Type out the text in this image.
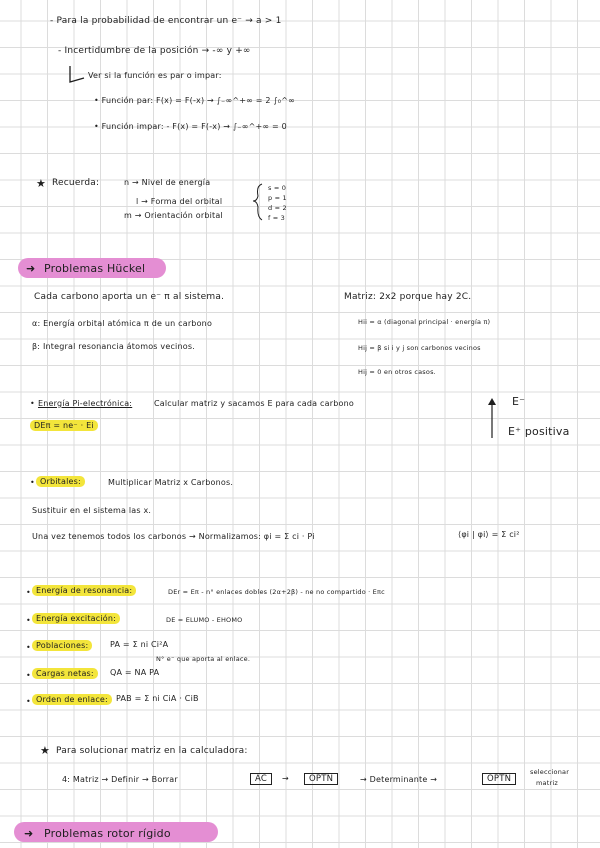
- Para la probabilidad de encontrar un e⁻ → a > 1
- Incertidumbre de la posición → -∞ y +∞
Ver si la función es par o impar:
• Función par: F(x) = F(-x) → ∫₋∞^+∞ = 2 ∫₀^∞
• Función impar: - F(x) = F(-x) → ∫₋∞^+∞ = 0
★ Recuerda:	n → Nivel de energía
l → Forma del orbital
m → Orientación orbital
s = 0
p = 1
d = 2
f = 3
➜ Problemas Hückel
Cada carbono aporta un e⁻ π al sistema.
α: Energía orbital atómica π de un carbono
β: Integral resonancia átomos vecinos.
Matriz: 2x2 porque hay 2C.
Hii = α (diagonal principal · energía π)
Hij = β si i y j son carbonos vecinos
Hij = 0 en otros casos.
• Energía Pi-electrónica:	Calcular matriz y sacamos E para cada carbono
DEπ = ne⁻ · Ei
E⁻
E⁺ positiva
• Orbitales:	Multiplicar Matriz x Carbonos.
Sustituir en el sistema las x.
Una vez tenemos todos los carbonos → Normalizamos: φi = Σ ci · Pi	⟨φi | φi⟩ = Σ ci²
• Energía de resonancia:	DEr = Eπ - n° enlaces dobles (2α+2β) - ne no compartido · Eπc
• Energía excitación:	DE = ELUMO - EHOMO
• Poblaciones:	PA = Σ ni Ci²A
N° e⁻ que aporta al enlace.
• Cargas netas:	QA = NA PA
• Orden de enlace:	PAB = Σ ni CiA · CiB
★ Para solucionar matriz en la calculadora:
4: Matriz → Definir → Borrar	AC	→	OPTN	→ Determinante →	OPTN
seleccionar
matriz
➜ Problemas rotor rígido
